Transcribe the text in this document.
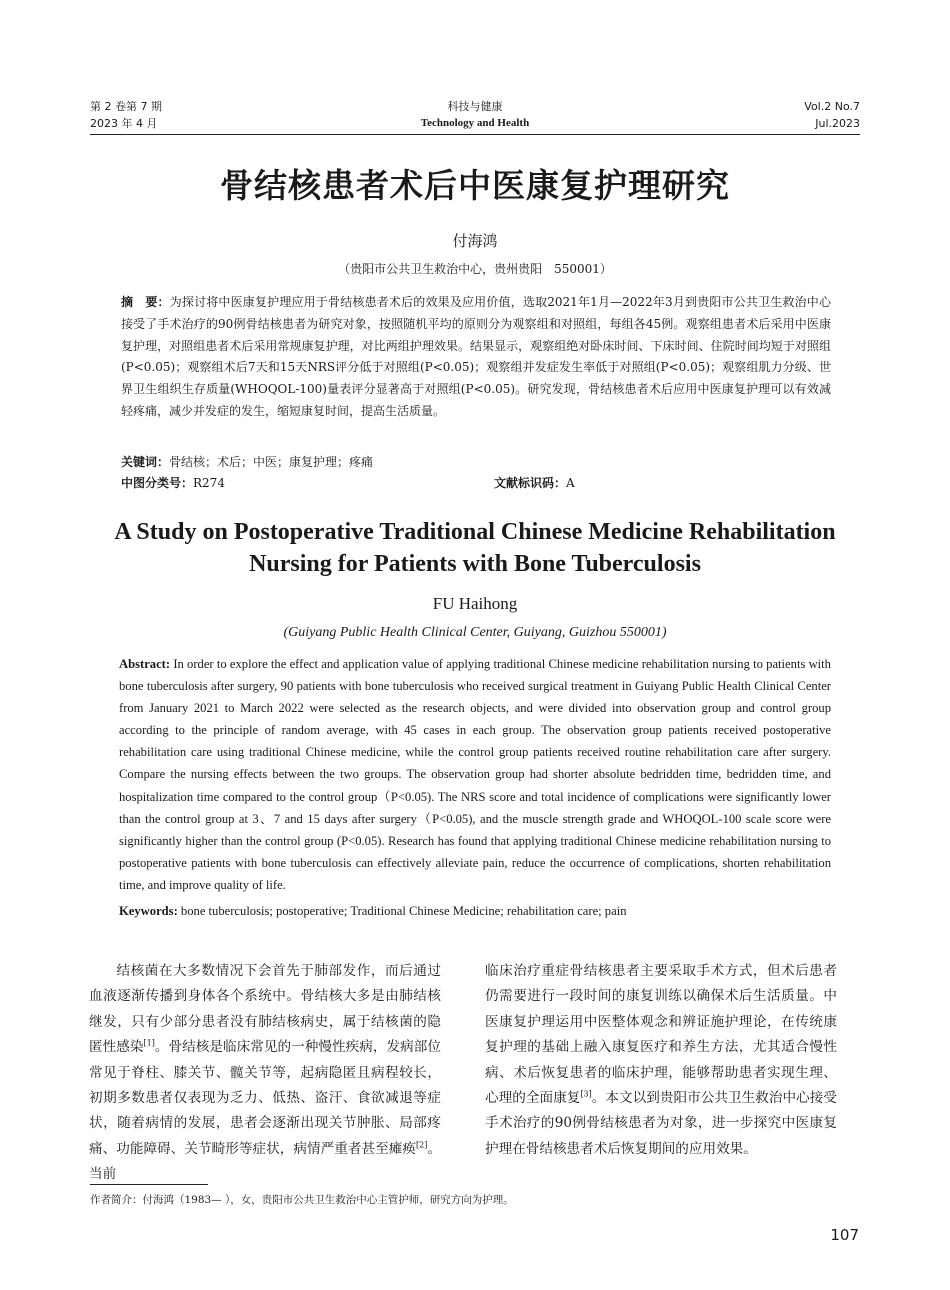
第 2 卷第 7 期
2023 年 4 月
科技与健康
Technology and Health
Vol.2 No.7
Jul.2023
骨结核患者术后中医康复护理研究
付海鸿
（贵阳市公共卫生救治中心，贵州贵阳　550001）
摘　要：为探讨将中医康复护理应用于骨结核患者术后的效果及应用价值，选取2021年1月—2022年3月到贵阳市公共卫生救治中心接受了手术治疗的90例骨结核患者为研究对象，按照随机平均的原则分为观察组和对照组，每组各45例。观察组患者术后采用中医康复护理，对照组患者术后采用常规康复护理，对比两组护理效果。结果显示，观察组绝对卧床时间、下床时间、住院时间均短于对照组(P<0.05)；观察组术后7天和15天NRS评分低于对照组(P<0.05)；观察组并发症发生率低于对照组(P<0.05)；观察组肌力分级、世界卫生组织生存质量(WHOQOL-100)量表评分显著高于对照组(P<0.05)。研究发现，骨结核患者术后应用中医康复护理可以有效减轻疼痛，减少并发症的发生，缩短康复时间，提高生活质量。
关键词：骨结核；术后；中医；康复护理；疼痛
中图分类号：R274	文献标识码：A
A Study on Postoperative Traditional Chinese Medicine Rehabilitation
Nursing for Patients with Bone Tuberculosis
FU Haihong
(Guiyang Public Health Clinical Center, Guiyang, Guizhou 550001)
Abstract: In order to explore the effect and application value of applying traditional Chinese medicine rehabilitation nursing to patients with bone tuberculosis after surgery, 90 patients with bone tuberculosis who received surgical treatment in Guiyang Public Health Clinical Center from January 2021 to March 2022 were selected as the research objects, and were divided into observation group and control group according to the principle of random average, with 45 cases in each group. The observation group patients received postoperative rehabilitation care using traditional Chinese medicine, while the control group patients received routine rehabilitation care after surgery. Compare the nursing effects between the two groups. The observation group had shorter absolute bedridden time, bedridden time, and hospitalization time compared to the control group（P<0.05). The NRS score and total incidence of complications were significantly lower than the control group at 3、7 and 15 days after surgery（P<0.05), and the muscle strength grade and WHOQOL-100 scale score were significantly higher than the control group (P<0.05). Research has found that applying traditional Chinese medicine rehabilitation nursing to postoperative patients with bone tuberculosis can effectively alleviate pain, reduce the occurrence of complications, shorten rehabilitation time, and improve quality of life.
Keywords: bone tuberculosis; postoperative; Traditional Chinese Medicine; rehabilitation care; pain
结核菌在大多数情况下会首先于肺部发作，而后通过血液逐渐传播到身体各个系统中。骨结核大多是由肺结核继发，只有少部分患者没有肺结核病史，属于结核菌的隐匿性感染[1]。骨结核是临床常见的一种慢性疾病，发病部位常见于脊柱、膝关节、髋关节等，起病隐匿且病程较长，初期多数患者仅表现为乏力、低热、盗汗、食欲减退等症状，随着病情的发展，患者会逐渐出现关节肿胀、局部疼痛、功能障碍、关节畸形等症状，病情严重者甚至瘫痪[2]。当前
临床治疗重症骨结核患者主要采取手术方式，但术后患者仍需要进行一段时间的康复训练以确保术后生活质量。中医康复护理运用中医整体观念和辨证施护理论，在传统康复护理的基础上融入康复医疗和养生方法，尤其适合慢性病、术后恢复患者的临床护理，能够帮助患者实现生理、心理的全面康复[3]。本文以到贵阳市公共卫生救治中心接受手术治疗的90例骨结核患者为对象，进一步探究中医康复护理在骨结核患者术后恢复期间的应用效果。
作者简介：付海鸿（1983— ），女，贵阳市公共卫生救治中心主管护师，研究方向为护理。
107
